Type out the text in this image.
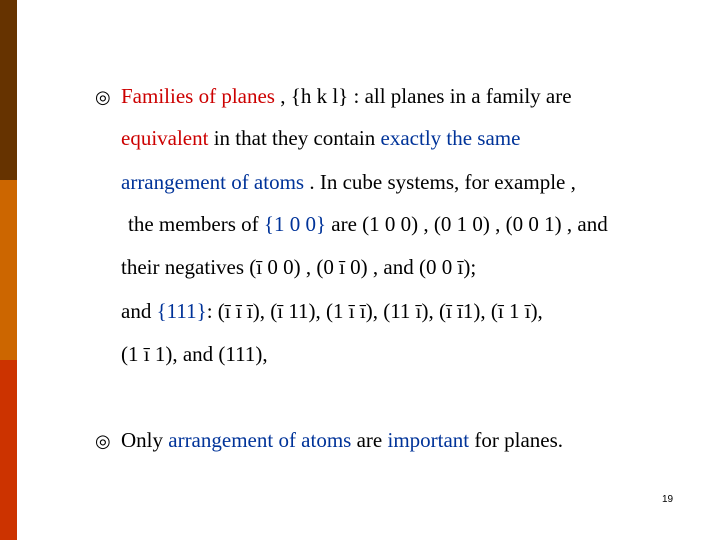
◎ Families of planes , {h k l} : all planes in a family are
equivalent in that they contain exactly the same
arrangement of atoms . In cube systems, for example ,
the members of {1 0 0} are (1 0 0) , (0 1 0) , (0 0 1) , and
their negatives (ī 0 0) , (0 ī 0) , and (0 0 ī);
and {111}: (ī ī ī), (ī 11), (1 ī ī), (11 ī), (ī ī1), (ī 1 ī),
(1 ī 1), and (111),
◎ Only arrangement of atoms are important for planes.
19
